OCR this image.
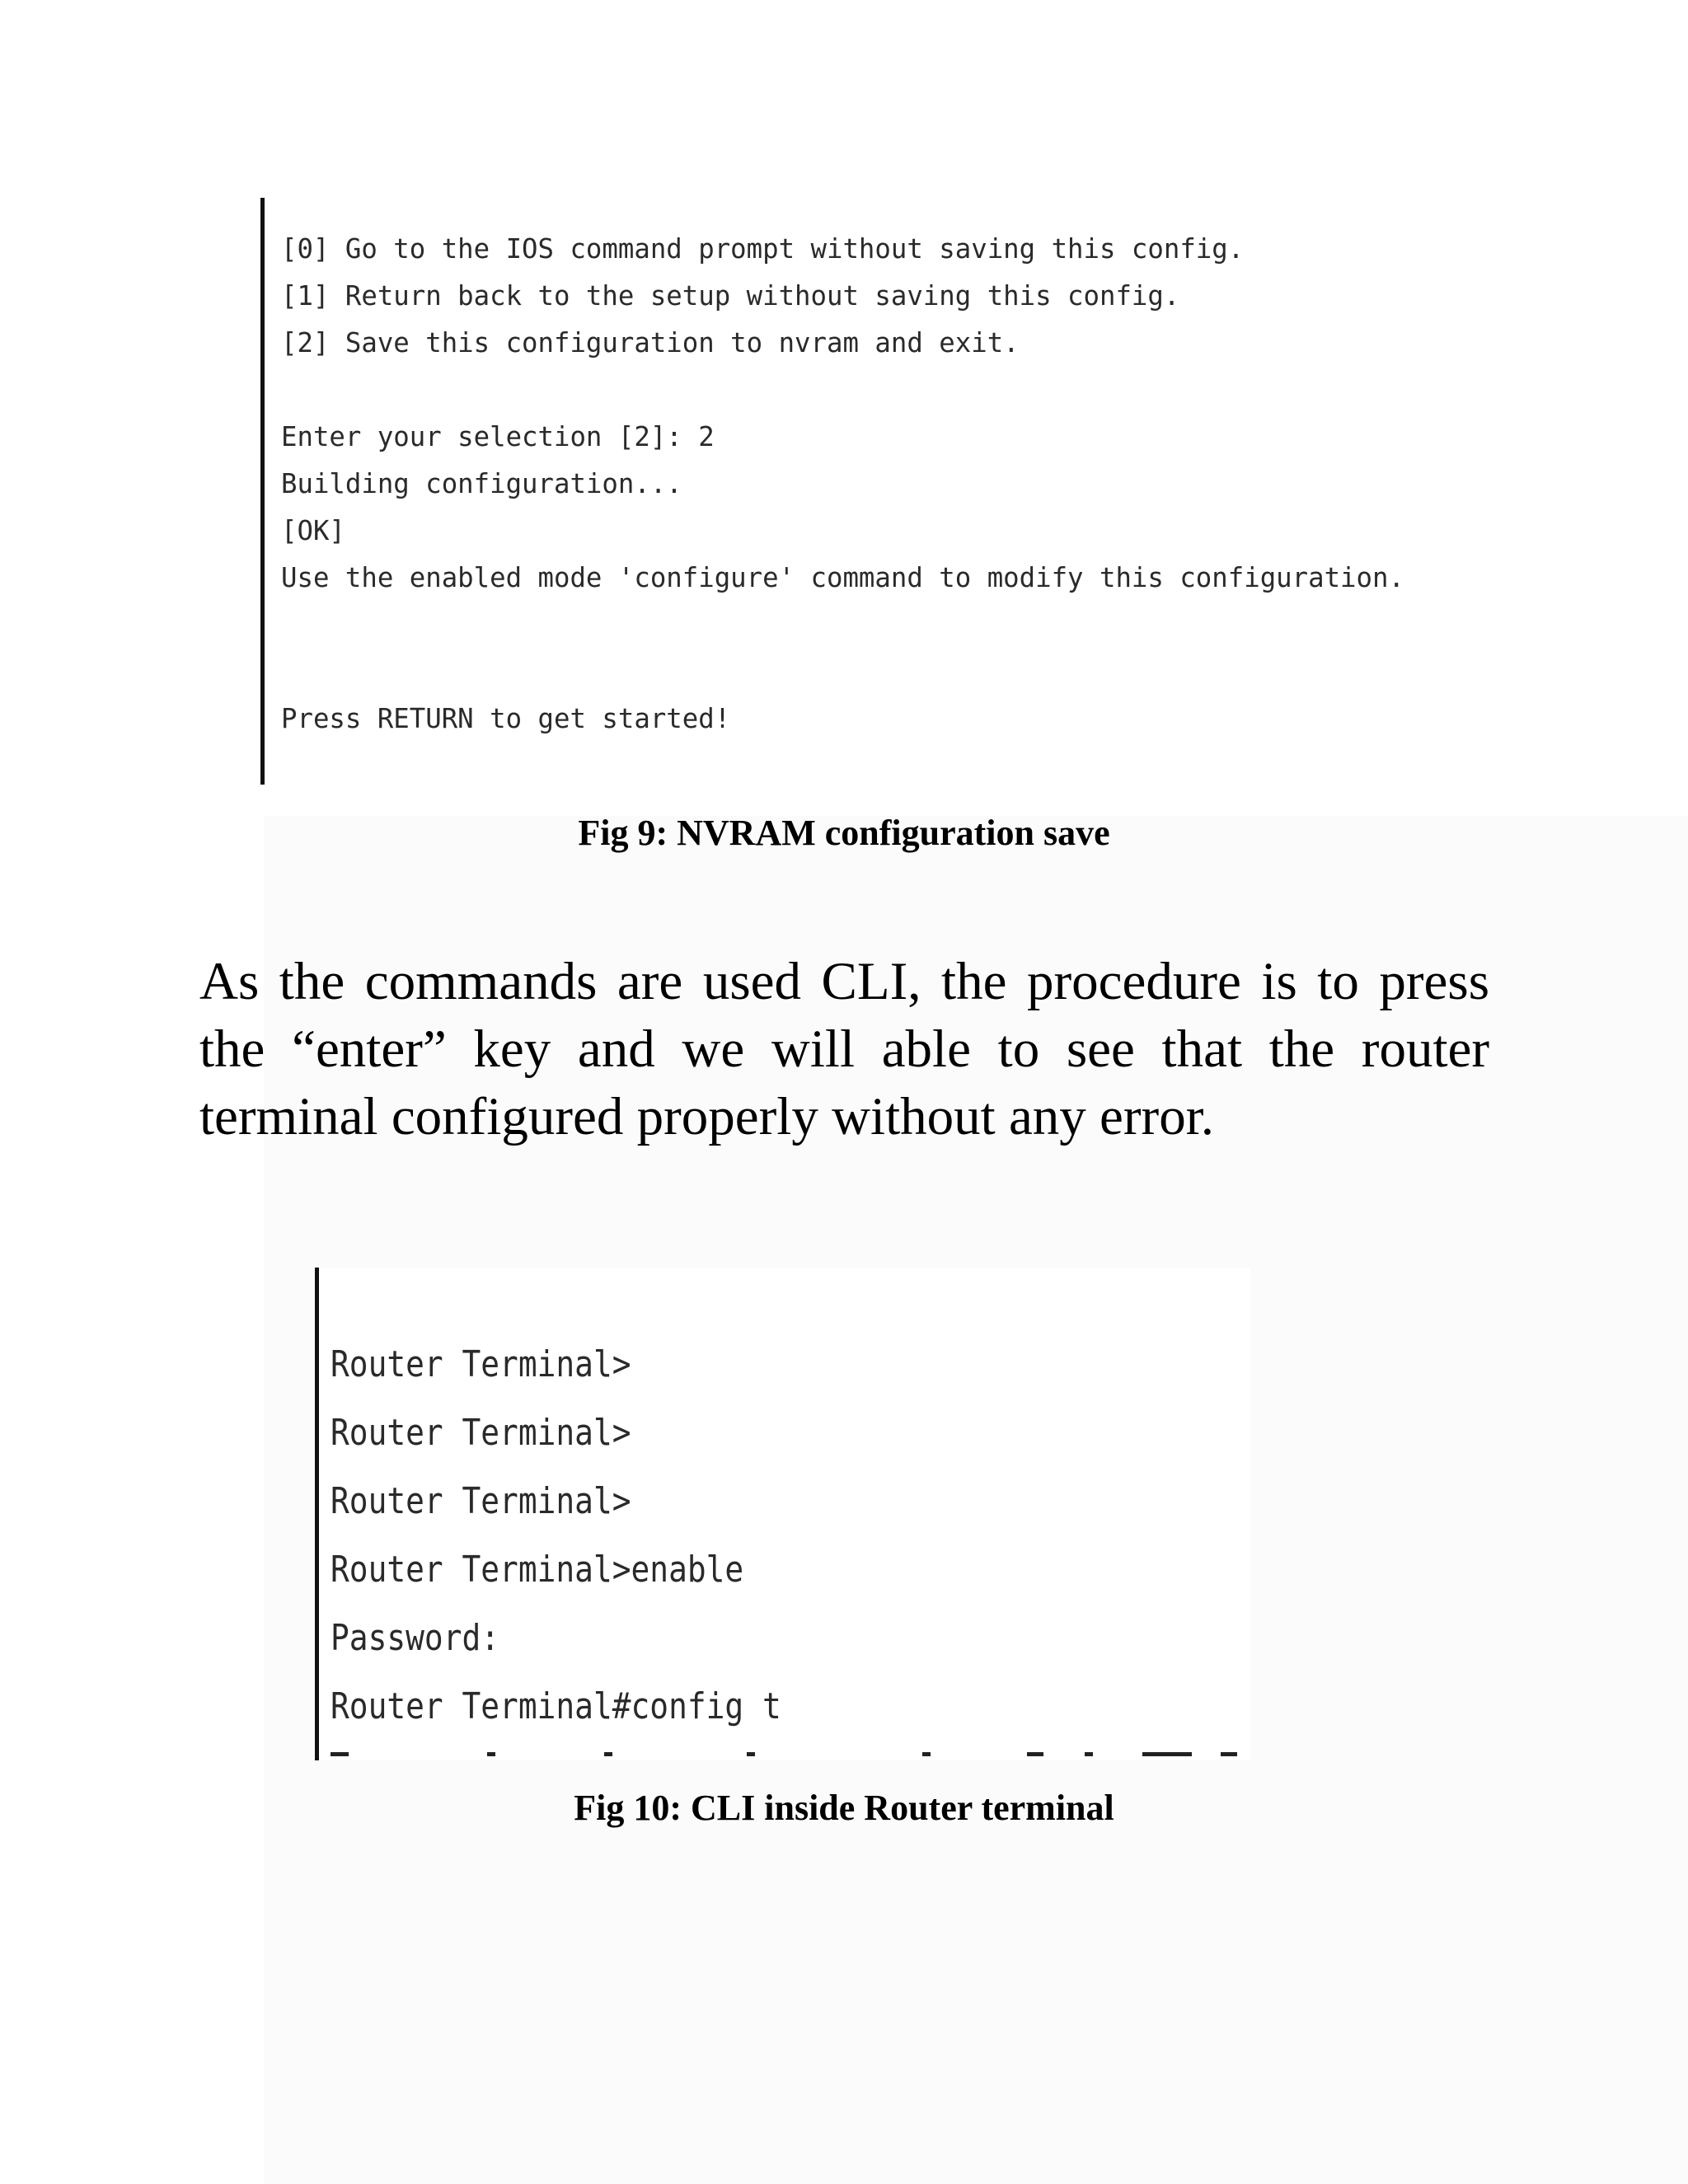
[0] Go to the IOS command prompt without saving this config.

[1] Return back to the setup without saving this config.

[2] Save this configuration to nvram and exit.

Enter your selection [2]: 2

Building configuration...

[OK]

Use the enabled mode 'configure' command to modify this configuration.

Press RETURN to get started!

Fig 9: NVRAM configuration save
As the commands are used CLI, the procedure is to press the “enter” key and we will able to see that the router terminal configured properly without any error.

Router Terminal>

Router Terminal>

Router Terminal>

Router Terminal>enable

Password:

Router Terminal#config t

Fig 10: CLI inside Router terminal
